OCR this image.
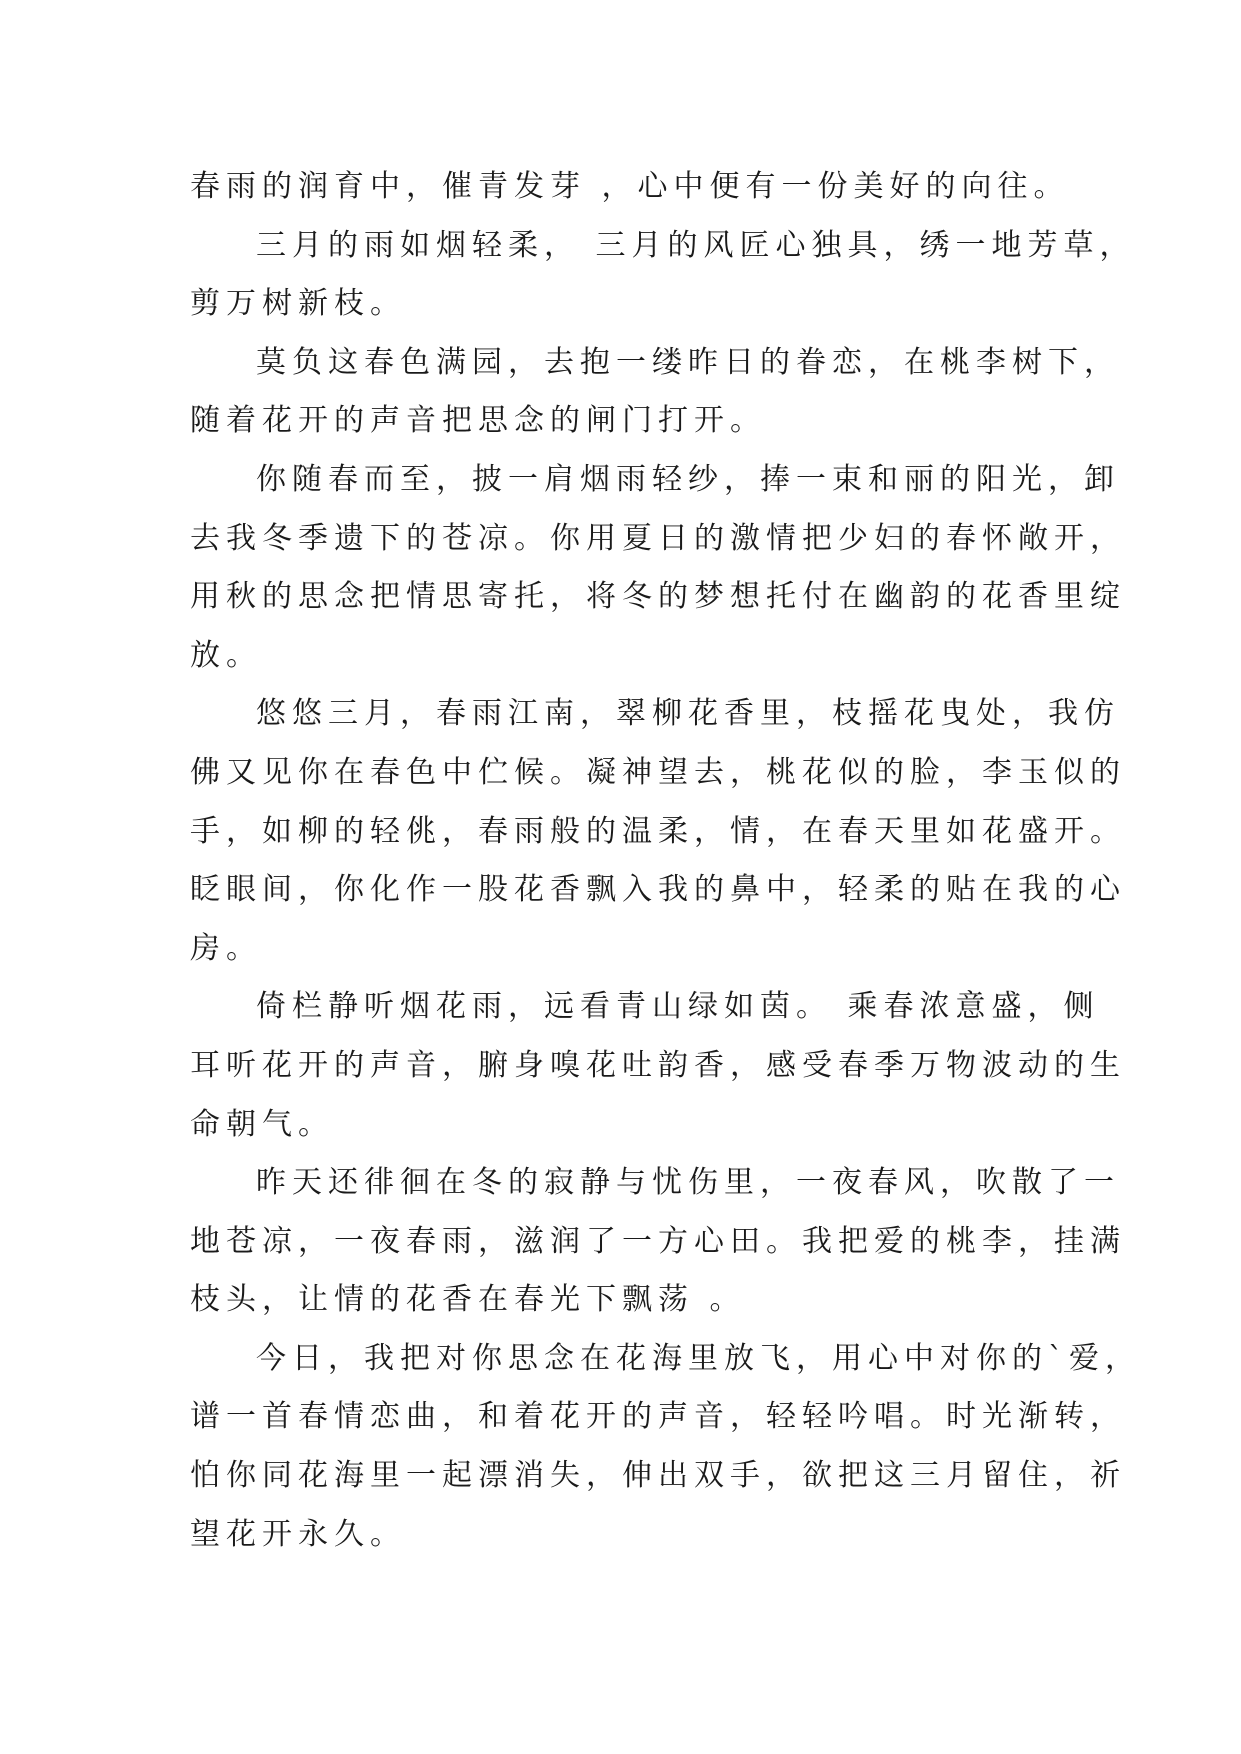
春雨的润育中，催青发芽 ，心中便有一份美好的向往。
三月的雨如烟轻柔， 三月的风匠心独具，绣一地芳草，
剪万树新枝。
莫负这春色满园，去抱一缕昨日的眷恋，在桃李树下，
随着花开的声音把思念的闸门打开。
你随春而至，披一肩烟雨轻纱，捧一束和丽的阳光，卸
去我冬季遗下的苍凉。你用夏日的激情把少妇的春怀敞开，
用秋的思念把情思寄托，将冬的梦想托付在幽韵的花香里绽
放。
悠悠三月，春雨江南，翠柳花香里，枝摇花曳处，我仿
佛又见你在春色中伫候。凝神望去，桃花似的脸，李玉似的
手，如柳的轻佻，春雨般的温柔，情，在春天里如花盛开。
眨眼间，你化作一股花香飘入我的鼻中，轻柔的贴在我的心
房。
倚栏静听烟花雨，远看青山绿如茵。 乘春浓意盛，侧
耳听花开的声音，腑身嗅花吐韵香，感受春季万物波动的生
命朝气。
昨天还徘徊在冬的寂静与忧伤里，一夜春风，吹散了一
地苍凉，一夜春雨，滋润了一方心田。我把爱的桃李，挂满
枝头，让情的花香在春光下飘荡 。
今日，我把对你思念在花海里放飞，用心中对你的`爱，
谱一首春情恋曲，和着花开的声音，轻轻吟唱。时光渐转，
怕你同花海里一起漂消失，伸出双手，欲把这三月留住，祈
望花开永久。
